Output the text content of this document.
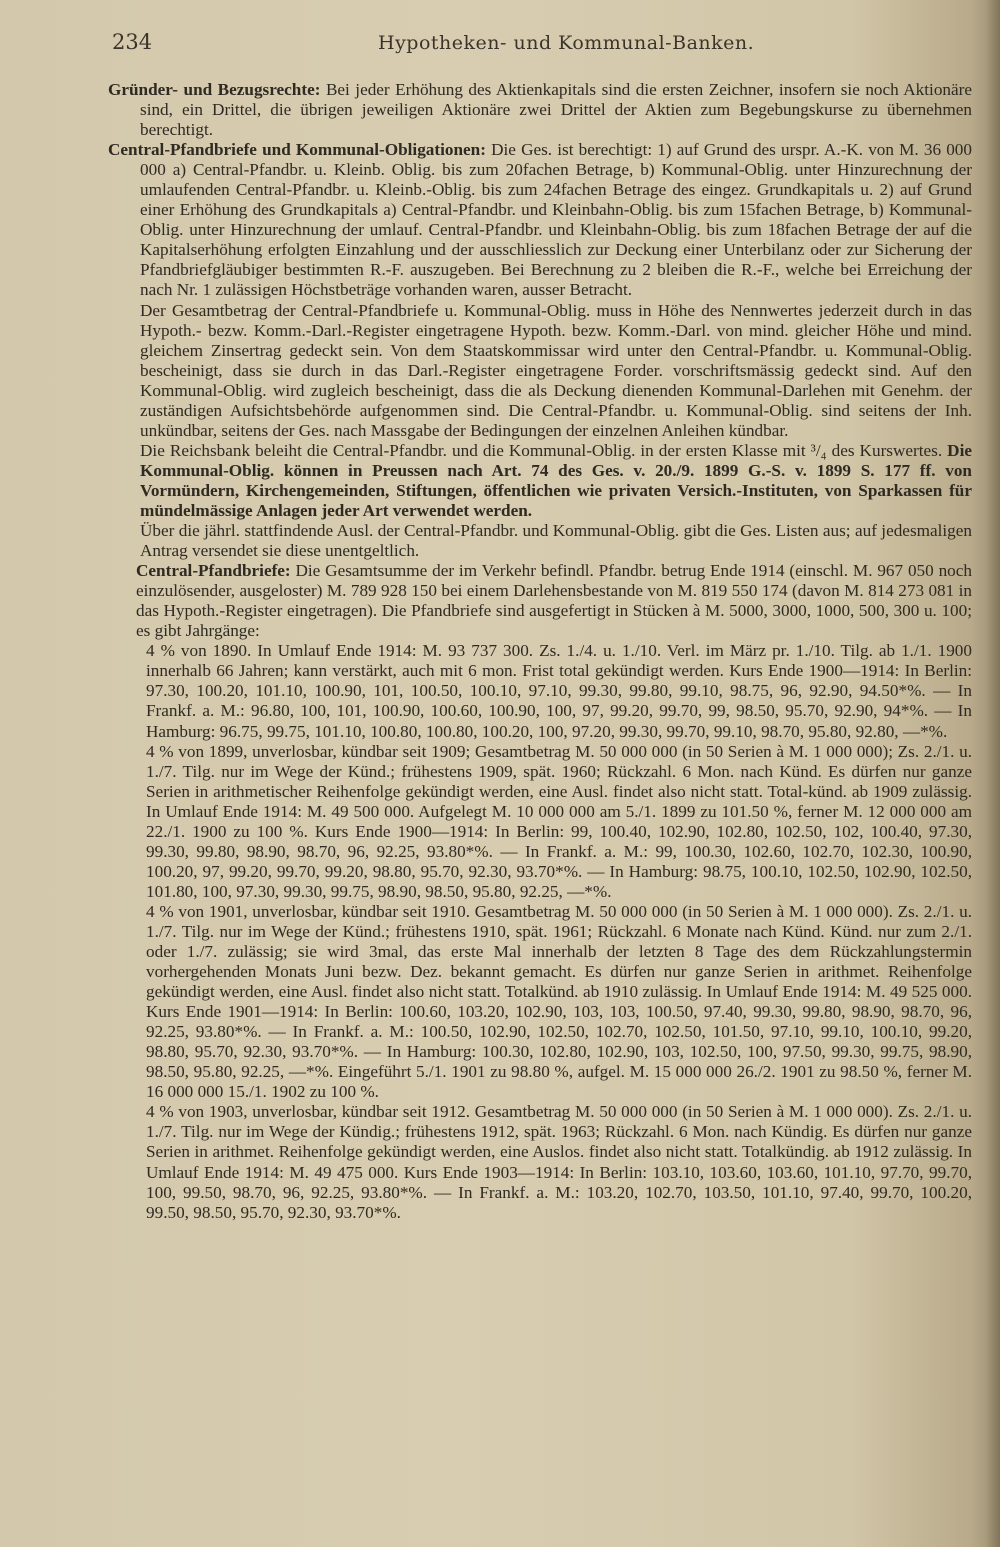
234	Hypotheken- und Kommunal-Banken.

Gründer- und Bezugsrechte: Bei jeder Erhöhung des Aktienkapitals sind die ersten Zeichner, insofern sie noch Aktionäre sind, ein Drittel, die übrigen jeweiligen Aktionäre zwei Drittel der Aktien zum Begebungskurse zu übernehmen berechtigt.

Central-Pfandbriefe und Kommunal-Obligationen: Die Ges. ist berechtigt: 1) auf Grund des urspr. A.-K. von M. 36 000 000 a) Central-Pfandbr. u. Kleinb. Oblig. bis zum 20fachen Betrage, b) Kommunal-Oblig. unter Hinzurechnung der umlaufenden Central-Pfandbr. u. Kleinb.-Oblig. bis zum 24fachen Betrage des eingez. Grundkapitals u. 2) auf Grund einer Erhöhung des Grundkapitals a) Central-Pfandbr. und Kleinbahn-Oblig. bis zum 15fachen Betrage, b) Kommunal-Oblig. unter Hinzurechnung der umlauf. Central-Pfandbr. und Kleinbahn-Oblig. bis zum 18fachen Betrage der auf die Kapitalserhöhung erfolgten Einzahlung und der ausschliesslich zur Deckung einer Unterbilanz oder zur Sicherung der Pfandbriefgläubiger bestimmten R.-F. auszugeben. Bei Berechnung zu 2 bleiben die R.-F., welche bei Erreichung der nach Nr. 1 zulässigen Höchstbeträge vorhanden waren, ausser Betracht.

Der Gesamtbetrag der Central-Pfandbriefe u. Kommunal-Oblig. muss in Höhe des Nennwertes jederzeit durch in das Hypoth.- bezw. Komm.-Darl.-Register eingetragene Hypoth. bezw. Komm.-Darl. von mind. gleicher Höhe und mind. gleichem Zinsertrag gedeckt sein. Von dem Staatskommissar wird unter den Central-Pfandbr. u. Kommunal-Oblig. bescheinigt, dass sie durch in das Darl.-Register eingetragene Forder. vorschriftsmässig gedeckt sind. Auf den Kommunal-Oblig. wird zugleich bescheinigt, dass die als Deckung dienenden Kommunal-Darlehen mit Genehm. der zuständigen Aufsichtsbehörde aufgenommen sind. Die Central-Pfandbr. u. Kommunal-Oblig. sind seitens der Inh. unkündbar, seitens der Ges. nach Massgabe der Bedingungen der einzelnen Anleihen kündbar.

Die Reichsbank beleiht die Central-Pfandbr. und die Kommunal-Oblig. in der ersten Klasse mit ³/₄ des Kurswertes. Die Kommunal-Oblig. können in Preussen nach Art. 74 des Ges. v. 20./9. 1899 G.-S. v. 1899 S. 177 ff. von Vormündern, Kirchengemeinden, Stiftungen, öffentlichen wie privaten Versich.-Instituten, von Sparkassen für mündelmässige Anlagen jeder Art verwendet werden.

Über die jährl. stattfindende Ausl. der Central-Pfandbr. und Kommunal-Oblig. gibt die Ges. Listen aus; auf jedesmaligen Antrag versendet sie diese unentgeltlich.

Central-Pfandbriefe: Die Gesamtsumme der im Verkehr befindl. Pfandbr. betrug Ende 1914 (einschl. M. 967 050 noch einzulösender, ausgeloster) M. 789 928 150 bei einem Darlehensbestande von M. 819 550 174 (davon M. 814 273 081 in das Hypoth.-Register eingetragen). Die Pfandbriefe sind ausgefertigt in Stücken à M. 5000, 3000, 1000, 500, 300 u. 100; es gibt Jahrgänge:

4 % von 1890. In Umlauf Ende 1914: M. 93 737 300. Zs. 1./4. u. 1./10. Verl. im März pr. 1./10. Tilg. ab 1./1. 1900 innerhalb 66 Jahren; kann verstärkt, auch mit 6 mon. Frist total gekündigt werden. Kurs Ende 1900—1914: In Berlin: 97.30, 100.20, 101.10, 100.90, 101, 100.50, 100.10, 97.10, 99.30, 99.80, 99.10, 98.75, 96, 92.90, 94.50*%. — In Frankf. a. M.: 96.80, 100, 101, 100.90, 100.60, 100.90, 100, 97, 99.20, 99.70, 99, 98.50, 95.70, 92.90, 94*%. — In Hamburg: 96.75, 99.75, 101.10, 100.80, 100.80, 100.20, 100, 97.20, 99.30, 99.70, 99.10, 98.70, 95.80, 92.80, —*%.

4 % von 1899, unverlosbar, kündbar seit 1909; Gesamtbetrag M. 50 000 000 (in 50 Serien à M. 1 000 000); Zs. 2./1. u. 1./7. Tilg. nur im Wege der Künd.; frühestens 1909, spät. 1960; Rückzahl. 6 Mon. nach Künd. Es dürfen nur ganze Serien in arithmetischer Reihenfolge gekündigt werden, eine Ausl. findet also nicht statt. Total-künd. ab 1909 zulässig. In Umlauf Ende 1914: M. 49 500 000. Aufgelegt M. 10 000 000 am 5./1. 1899 zu 101.50 %, ferner M. 12 000 000 am 22./1. 1900 zu 100 %. Kurs Ende 1900—1914: In Berlin: 99, 100.40, 102.90, 102.80, 102.50, 102, 100.40, 97.30, 99.30, 99.80, 98.90, 98.70, 96, 92.25, 93.80*%. — In Frankf. a. M.: 99, 100.30, 102.60, 102.70, 102.30, 100.90, 100.20, 97, 99.20, 99.70, 99.20, 98.80, 95.70, 92.30, 93.70*%. — In Hamburg: 98.75, 100.10, 102.50, 102.90, 102.50, 101.80, 100, 97.30, 99.30, 99.75, 98.90, 98.50, 95.80, 92.25, —*%.

4 % von 1901, unverlosbar, kündbar seit 1910. Gesamtbetrag M. 50 000 000 (in 50 Serien à M. 1 000 000). Zs. 2./1. u. 1./7. Tilg. nur im Wege der Künd.; frühestens 1910, spät. 1961; Rückzahl. 6 Monate nach Künd. Künd. nur zum 2./1. oder 1./7. zulässig; sie wird 3mal, das erste Mal innerhalb der letzten 8 Tage des dem Rückzahlungstermin vorhergehenden Monats Juni bezw. Dez. bekannt gemacht. Es dürfen nur ganze Serien in arithmet. Reihenfolge gekündigt werden, eine Ausl. findet also nicht statt. Totalkünd. ab 1910 zulässig. In Umlauf Ende 1914: M. 49 525 000. Kurs Ende 1901—1914: In Berlin: 100.60, 103.20, 102.90, 103, 103, 100.50, 97.40, 99.30, 99.80, 98.90, 98.70, 96, 92.25, 93.80*%. — In Frankf. a. M.: 100.50, 102.90, 102.50, 102.70, 102.50, 101.50, 97.10, 99.10, 100.10, 99.20, 98.80, 95.70, 92.30, 93.70*%. — In Hamburg: 100.30, 102.80, 102.90, 103, 102.50, 100, 97.50, 99.30, 99.75, 98.90, 98.50, 95.80, 92.25, —*%. Eingeführt 5./1. 1901 zu 98.80 %, aufgel. M. 15 000 000 26./2. 1901 zu 98.50 %, ferner M. 16 000 000 15./1. 1902 zu 100 %.

4 % von 1903, unverlosbar, kündbar seit 1912. Gesamtbetrag M. 50 000 000 (in 50 Serien à M. 1 000 000). Zs. 2./1. u. 1./7. Tilg. nur im Wege der Kündig.; frühestens 1912, spät. 1963; Rückzahl. 6 Mon. nach Kündig. Es dürfen nur ganze Serien in arithmet. Reihenfolge gekündigt werden, eine Auslos. findet also nicht statt. Totalkündig. ab 1912 zulässig. In Umlauf Ende 1914: M. 49 475 000. Kurs Ende 1903—1914: In Berlin: 103.10, 103.60, 103.60, 101.10, 97.70, 99.70, 100, 99.50, 98.70, 96, 92.25, 93.80*%. — In Frankf. a. M.: 103.20, 102.70, 103.50, 101.10, 97.40, 99.70, 100.20, 99.50, 98.50, 95.70, 92.30, 93.70*%.
